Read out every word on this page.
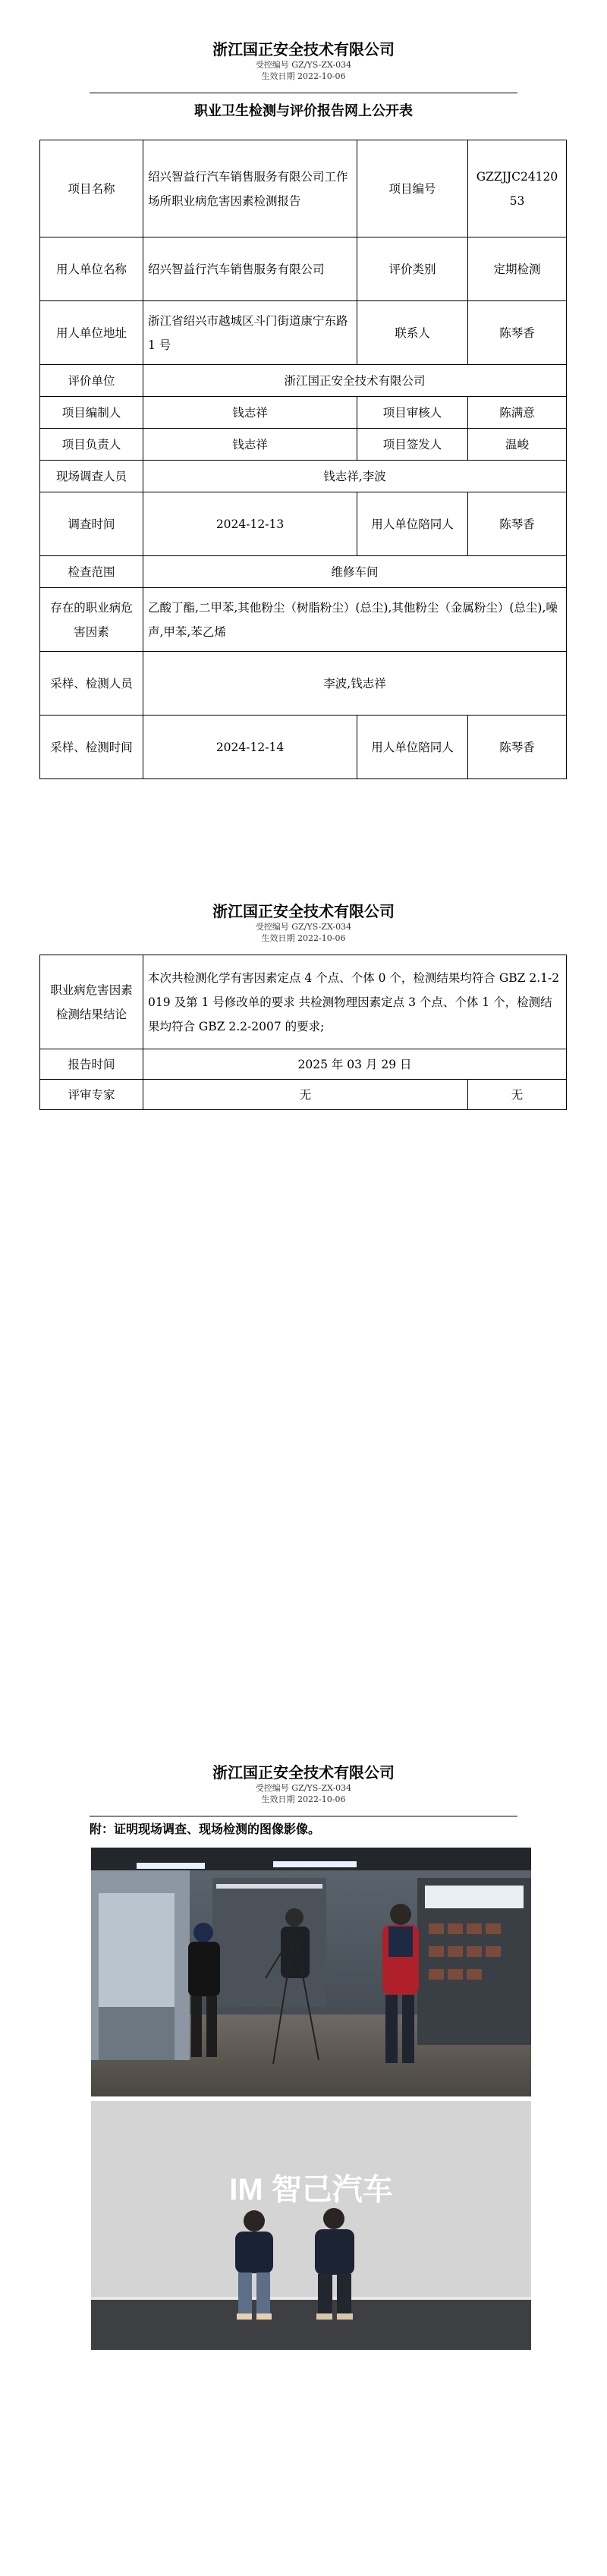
浙江国正安全技术有限公司
受控编号 GZ/YS-ZX-034
生效日期 2022-10-06
职业卫生检测与评价报告网上公开表
项目名称	绍兴智益行汽车销售服务有限公司工作场所职业病危害因素检测报告	项目编号	GZZJJC2412053
用人单位名称	绍兴智益行汽车销售服务有限公司	评价类别	定期检测
用人单位地址	浙江省绍兴市越城区斗门街道康宁东路 1 号	联系人	陈琴香
评价单位	浙江国正安全技术有限公司		
项目编制人	钱志祥	项目审核人	陈满意
项目负责人	钱志祥	项目签发人	温峻
现场调查人员	钱志祥,李波		
调查时间	2024-12-13	用人单位陪同人	陈琴香
检查范围	维修车间		
存在的职业病危害因素	乙酸丁酯,二甲苯,其他粉尘（树脂粉尘）(总尘),其他粉尘（金属粉尘）(总尘),噪声,甲苯,苯乙烯		
采样、检测人员	李波,钱志祥		
采样、检测时间	2024-12-14	用人单位陪同人	陈琴香
浙江国正安全技术有限公司
受控编号 GZ/YS-ZX-034
生效日期 2022-10-06
职业病危害因素检测结果结论	本次共检测化学有害因素定点 4 个点、个体 0 个，检测结果均符合 GBZ 2.1-2019 及第 1 号修改单的要求 共检测物理因素定点 3 个点、个体 1 个，检测结果均符合 GBZ 2.2-2007 的要求;	
报告时间	2025 年 03 月 29 日	
评审专家	无	无
浙江国正安全技术有限公司
受控编号 GZ/YS-ZX-034
生效日期 2022-10-06
附：证明现场调查、现场检测的图像影像。
IM 智己汽车
